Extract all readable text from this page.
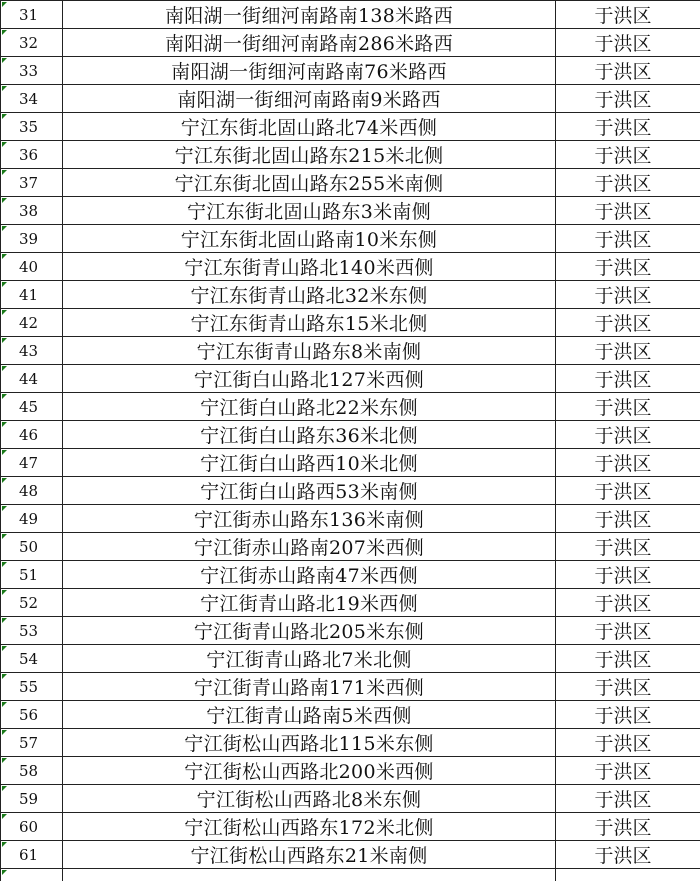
31	南阳湖一街细河南路南138米路西	于洪区
32	南阳湖一街细河南路南286米路西	于洪区
33	南阳湖一街细河南路南76米路西	于洪区
34	南阳湖一街细河南路南9米路西	于洪区
35	宁江东街北固山路北74米西侧	于洪区
36	宁江东街北固山路东215米北侧	于洪区
37	宁江东街北固山路东255米南侧	于洪区
38	宁江东街北固山路东3米南侧	于洪区
39	宁江东街北固山路南10米东侧	于洪区
40	宁江东街青山路北140米西侧	于洪区
41	宁江东街青山路北32米东侧	于洪区
42	宁江东街青山路东15米北侧	于洪区
43	宁江东街青山路东8米南侧	于洪区
44	宁江街白山路北127米西侧	于洪区
45	宁江街白山路北22米东侧	于洪区
46	宁江街白山路东36米北侧	于洪区
47	宁江街白山路西10米北侧	于洪区
48	宁江街白山路西53米南侧	于洪区
49	宁江街赤山路东136米南侧	于洪区
50	宁江街赤山路南207米西侧	于洪区
51	宁江街赤山路南47米西侧	于洪区
52	宁江街青山路北19米西侧	于洪区
53	宁江街青山路北205米东侧	于洪区
54	宁江街青山路北7米北侧	于洪区
55	宁江街青山路南171米西侧	于洪区
56	宁江街青山路南5米西侧	于洪区
57	宁江街松山西路北115米东侧	于洪区
58	宁江街松山西路北200米西侧	于洪区
59	宁江街松山西路北8米东侧	于洪区
60	宁江街松山西路东172米北侧	于洪区
61	宁江街松山西路东21米南侧	于洪区
